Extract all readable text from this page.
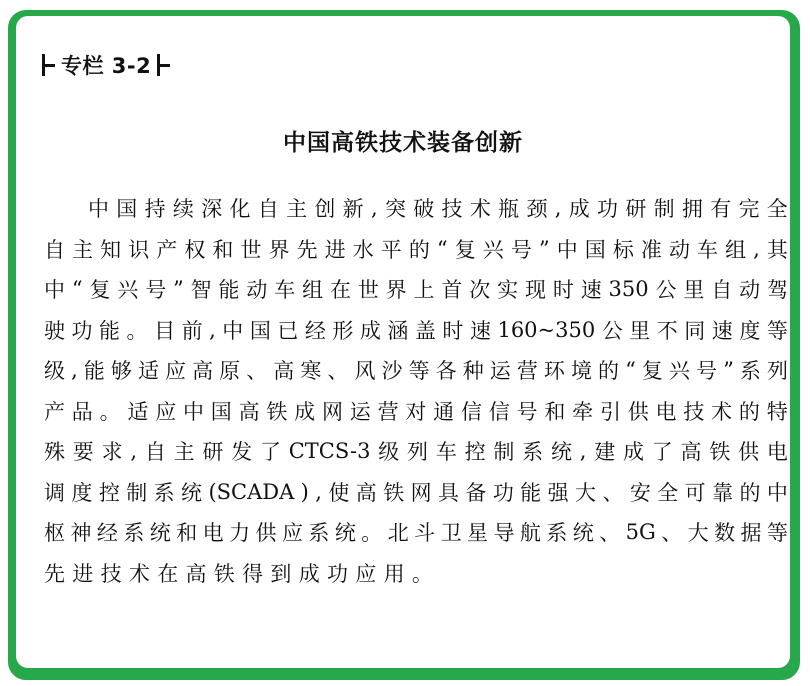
专栏 3-2
中国高铁技术装备创新
中 国 持 续 深 化 自 主 创 新 , 突 破 技 术 瓶 颈 , 成 功 研 制 拥 有 完 全
自 主 知 识 产 权 和 世 界 先 进 水 平 的 “ 复 兴 号 ” 中 国 标 准 动 车 组 , 其
中 “ 复 兴 号 ” 智 能 动 车 组 在 世 界 上 首 次 实 现 时 速 350 公 里 自 动 驾
驶 功 能 。 目 前 , 中 国 已 经 形 成 涵 盖 时 速 160~350 公 里 不 同 速 度 等
级 , 能 够 适 应 高 原 、 高 寒 、 风 沙 等 各 种 运 营 环 境 的 “ 复 兴 号 ” 系 列
产 品 。 适 应 中 国 高 铁 成 网 运 营 对 通 信 信 号 和 牵 引 供 电 技 术 的 特
殊 要 求 , 自 主 研 发 了 CTCS-3 级 列 车 控 制 系 统 , 建 成 了 高 铁 供 电
调 度 控 制 系 统 (SCADA ) , 使 高 铁 网 具 备 功 能 强 大 、 安 全 可 靠 的 中
枢 神 经 系 统 和 电 力 供 应 系 统 。 北 斗 卫 星 导 航 系 统 、 5G 、 大 数 据 等
先进技术在高铁得到成功应用。
